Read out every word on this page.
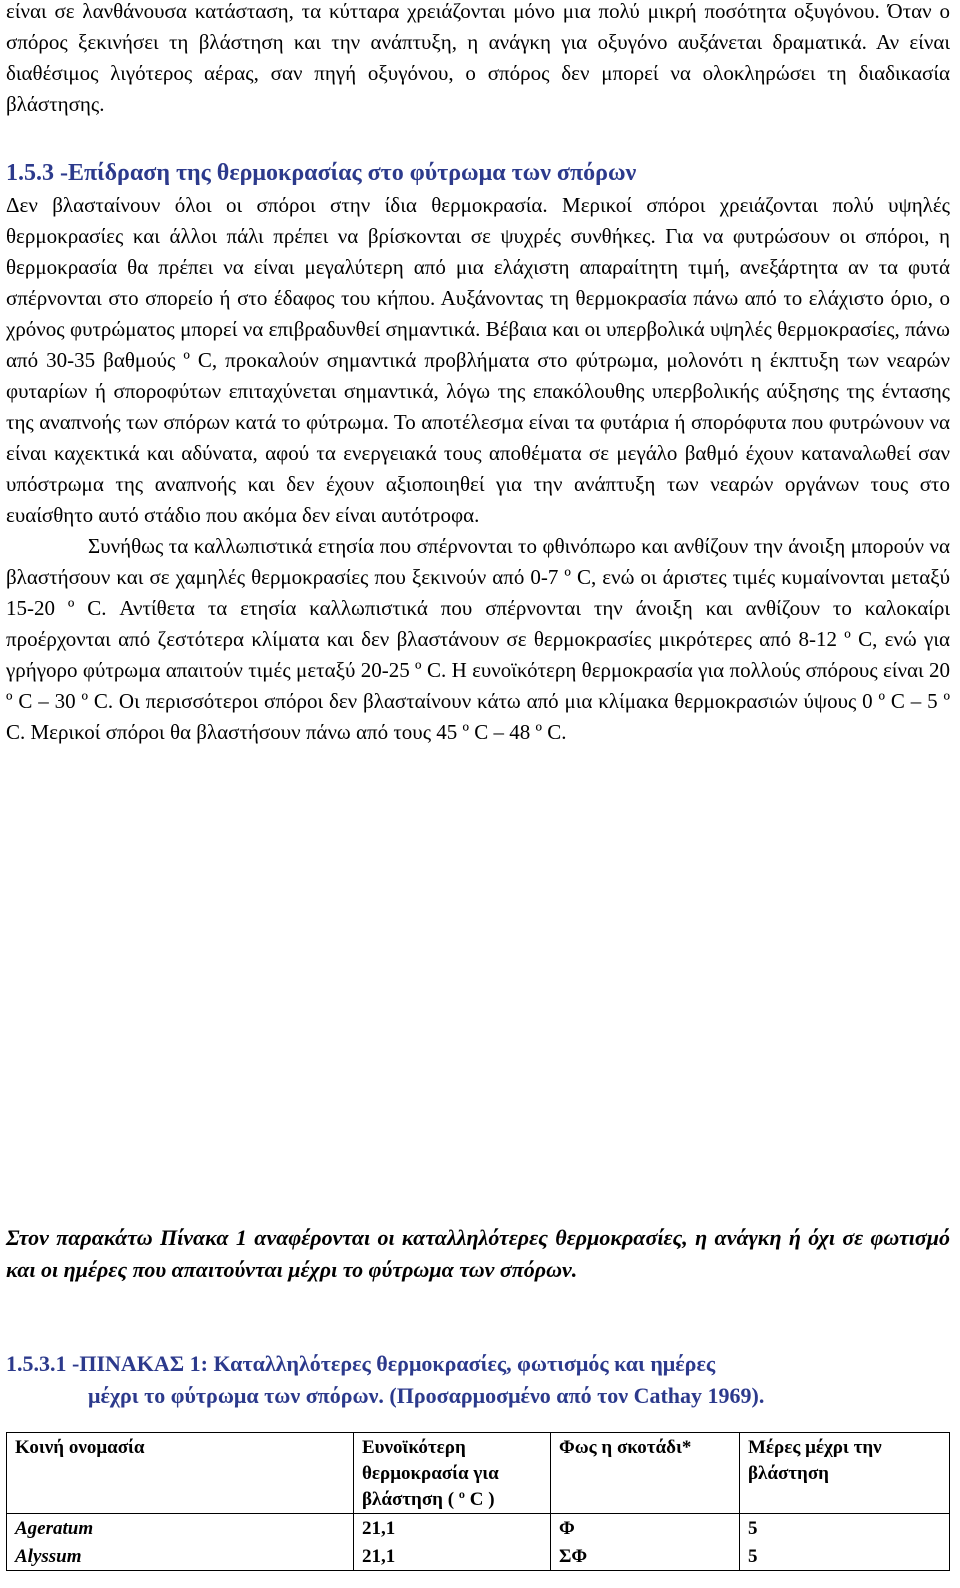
είναι σε λανθάνουσα κατάσταση, τα κύτταρα χρειάζονται μόνο μια πολύ μικρή ποσότητα οξυγόνου. Όταν ο σπόρος ξεκινήσει τη βλάστηση και την ανάπτυξη, η ανάγκη για οξυγόνο αυξάνεται δραματικά. Αν είναι διαθέσιμος λιγότερος αέρας, σαν πηγή οξυγόνου, ο σπόρος δεν μπορεί να ολοκληρώσει τη διαδικασία βλάστησης.

1.5.3 -Επίδραση της θερμοκρασίας στο φύτρωμα των σπόρων

Δεν βλασταίνουν όλοι οι σπόροι στην ίδια θερμοκρασία. Μερικοί σπόροι χρειάζονται πολύ υψηλές θερμοκρασίες και άλλοι πάλι πρέπει να βρίσκονται σε ψυχρές συνθήκες. Για να φυτρώσουν οι σπόροι, η θερμοκρασία θα πρέπει να είναι μεγαλύτερη από μια ελάχιστη απαραίτητη τιμή, ανεξάρτητα αν τα φυτά σπέρνονται στο σπορείο ή στο έδαφος του κήπου. Αυξάνοντας τη θερμοκρασία πάνω από το ελάχιστο όριο, ο χρόνος φυτρώματος μπορεί να επιβραδυνθεί σημαντικά. Βέβαια και οι υπερβολικά υψηλές θερμοκρασίες, πάνω από 30-35 βαθμούς º C, προκαλούν σημαντικά προβλήματα στο φύτρωμα, μολονότι η έκπτυξη των νεαρών φυταρίων ή σποροφύτων επιταχύνεται σημαντικά, λόγω της επακόλουθης υπερβολικής αύξησης της έντασης της αναπνοής των σπόρων κατά το φύτρωμα. Το αποτέλεσμα είναι τα φυτάρια ή σπορόφυτα που φυτρώνουν να είναι καχεκτικά και αδύνατα, αφού τα ενεργειακά τους αποθέματα σε μεγάλο βαθμό έχουν καταναλωθεί σαν υπόστρωμα της αναπνοής και δεν έχουν αξιοποιηθεί για την ανάπτυξη των νεαρών οργάνων τους στο ευαίσθητο αυτό στάδιο που ακόμα δεν είναι αυτότροφα.

Συνήθως τα καλλωπιστικά ετησία που σπέρνονται το φθινόπωρο και ανθίζουν την άνοιξη μπορούν να βλαστήσουν και σε χαμηλές θερμοκρασίες που ξεκινούν από 0-7 º C, ενώ οι άριστες τιμές κυμαίνονται μεταξύ 15-20 º C. Αντίθετα τα ετησία καλλωπιστικά που σπέρνονται την άνοιξη και ανθίζουν το καλοκαίρι προέρχονται από ζεστότερα κλίματα και δεν βλαστάνουν σε θερμοκρασίες μικρότερες από 8-12 º C, ενώ για γρήγορο φύτρωμα απαιτούν τιμές μεταξύ 20-25 º C. Η ευνοϊκότερη θερμοκρασία για πολλούς σπόρους είναι 20 º C – 30 º C. Οι περισσότεροι σπόροι δεν βλασταίνουν κάτω από μια κλίμακα θερμοκρασιών ύψους 0 º C – 5 º C. Μερικοί σπόροι θα βλαστήσουν πάνω από τους 45 º C – 48 º C.

Στον παρακάτω Πίνακα 1 αναφέρονται οι καταλληλότερες θερμοκρασίες, η ανάγκη ή όχι σε φωτισμό και οι ημέρες που απαιτούνται μέχρι το φύτρωμα των σπόρων.
1.5.3.1 -ΠΙΝΑΚΑΣ 1: Καταλληλότερες θερμοκρασίες, φωτισμός και ημέρες
μέχρι το φύτρωμα των σπόρων. (Προσαρμοσμένο από τον Cathay 1969).
Κοινή ονομασία	Ευνοϊκότερη θερμοκρασία για βλάστηση ( º C )	Φως η σκοτάδι*	Μέρες μέχρι την βλάστηση
Ageratum	21,1	Φ	5
Alyssum	21,1	ΣΦ	5
